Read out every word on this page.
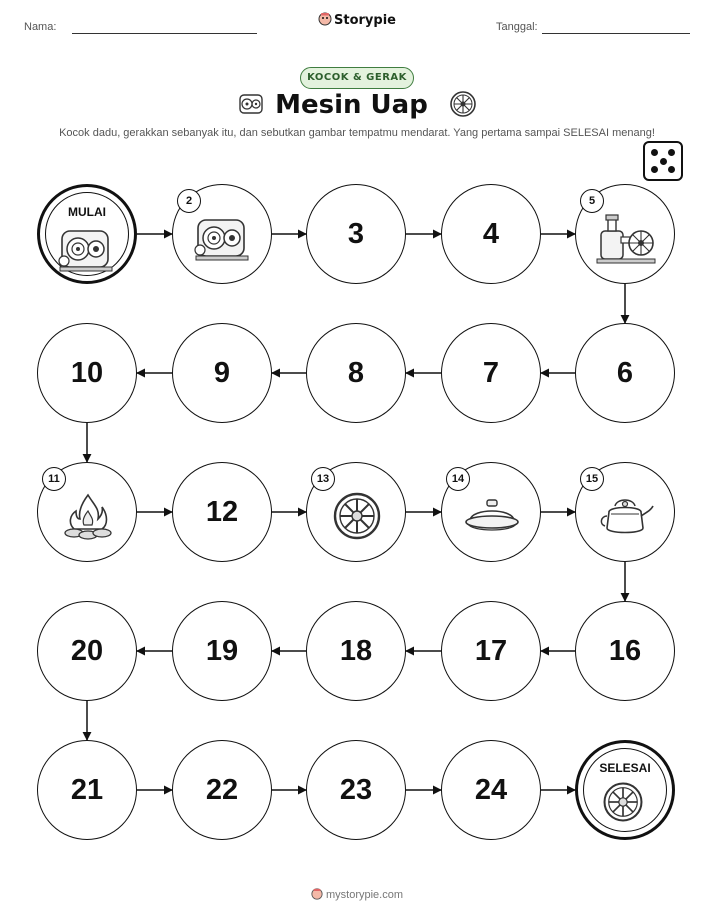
Nama:	Storypie	Tanggal:
KOCOK & GERAK
Mesin Uap
Kocok dadu, gerakkan sebanyak itu, dan sebutkan gambar tempatmu mendarat. Yang pertama sampai SELESAI menang!
MULAI
2
3	4
5
6
7
8
9
10
11
12
13	14	15
16
17
18
19
20
21	22	23	24
SELESAI
mystorypie.com
